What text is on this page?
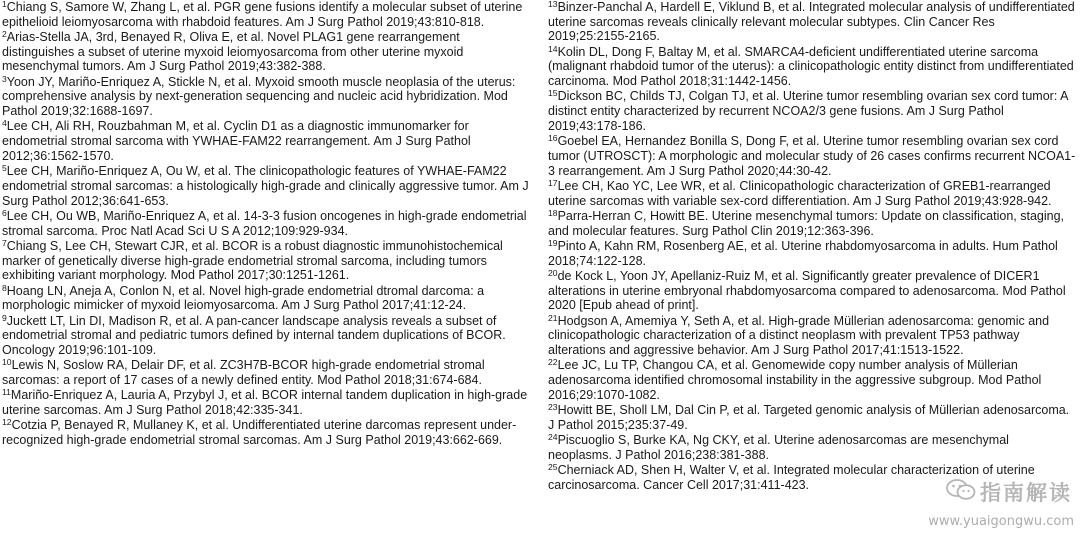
$^1$Chiang S, Samore W, Zhang L, et al. PGR gene fusions identify a molecular subset of uterine epithelioid leiomyosarcoma with rhabdoid features. Am J Surg Pathol 2019;43:810-818.

$^2$Arias-Stella JA, 3rd, Benayed R, Oliva E, et al. Novel PLAG1 gene rearrangement distinguishes a subset of uterine myxoid leiomyosarcoma from other uterine myxoid mesenchymal tumors. Am J Surg Pathol 2019;43:382-388.

$^3$Yoon JY, Mariño-Enriquez A, Stickle N, et al. Myxoid smooth muscle neoplasia of the uterus: comprehensive analysis by next-generation sequencing and nucleic acid hybridization. Mod Pathol 2019;32:1688-1697.

$^4$Lee CH, Ali RH, Rouzbahman M, et al. Cyclin D1 as a diagnostic immunomarker for endometrial stromal sarcoma with YWHAE-FAM22 rearrangement. Am J Surg Pathol 2012;36:1562-1570.

$^5$Lee CH, Mariño-Enriquez A, Ou W, et al. The clinicopathologic features of YWHAE-FAM22 endometrial stromal sarcomas: a histologically high-grade and clinically aggressive tumor. Am J Surg Pathol 2012;36:641-653.

$^6$Lee CH, Ou WB, Mariño-Enriquez A, et al. 14-3-3 fusion oncogenes in high-grade endometrial stromal sarcoma. Proc Natl Acad Sci U S A 2012;109:929-934.

$^7$Chiang S, Lee CH, Stewart CJR, et al. BCOR is a robust diagnostic immunohistochemical marker of genetically diverse high-grade endometrial stromal sarcoma, including tumors exhibiting variant morphology. Mod Pathol 2017;30:1251-1261.

$^8$Hoang LN, Aneja A, Conlon N, et al. Novel high-grade endometrial dtromal darcoma: a morphologic mimicker of myxoid leiomyosarcoma. Am J Surg Pathol 2017;41:12-24.

$^9$Juckett LT, Lin DI, Madison R, et al. A pan-cancer landscape analysis reveals a subset of endometrial stromal and pediatric tumors defined by internal tandem duplications of BCOR. Oncology 2019;96:101-109.

$^{10}$Lewis N, Soslow RA, Delair DF, et al. ZC3H7B-BCOR high-grade endometrial stromal sarcomas: a report of 17 cases of a newly defined entity. Mod Pathol 2018;31:674-684.

$^{11}$Mariño-Enriquez A, Lauria A, Przybyl J, et al. BCOR internal tandem duplication in high-grade uterine sarcomas. Am J Surg Pathol 2018;42:335-341.

$^{12}$Cotzia P, Benayed R, Mullaney K, et al. Undifferentiated uterine darcomas represent under-recognized high-grade endometrial stromal sarcomas. Am J Surg Pathol 2019;43:662-669.

$^{13}$Binzer-Panchal A, Hardell E, Viklund B, et al. Integrated molecular analysis of undifferentiated uterine sarcomas reveals clinically relevant molecular subtypes. Clin Cancer Res 2019;25:2155-2165.

$^{14}$Kolin DL, Dong F, Baltay M, et al. SMARCA4-deficient undifferentiated uterine sarcoma (malignant rhabdoid tumor of the uterus): a clinicopathologic entity distinct from undifferentiated carcinoma. Mod Pathol 2018;31:1442-1456.

$^{15}$Dickson BC, Childs TJ, Colgan TJ, et al. Uterine tumor resembling ovarian sex cord tumor: A distinct entity characterized by recurrent NCOA2/3 gene fusions. Am J Surg Pathol 2019;43:178-186.

$^{16}$Goebel EA, Hernandez Bonilla S, Dong F, et al. Uterine tumor resembling ovarian sex cord tumor (UTROSCT): A morphologic and molecular study of 26 cases confirms recurrent NCOA1-3 rearrangement. Am J Surg Pathol 2020;44:30-42.

$^{17}$Lee CH, Kao YC, Lee WR, et al. Clinicopathologic characterization of GREB1-rearranged uterine sarcomas with variable sex-cord differentiation. Am J Surg Pathol 2019;43:928-942.

$^{18}$Parra-Herran C, Howitt BE. Uterine mesenchymal tumors: Update on classification, staging, and molecular features. Surg Pathol Clin 2019;12:363-396.

$^{19}$Pinto A, Kahn RM, Rosenberg AE, et al. Uterine rhabdomyosarcoma in adults. Hum Pathol 2018;74:122-128.

$^{20}$de Kock L, Yoon JY, Apellaniz-Ruiz M, et al. Significantly greater prevalence of DICER1 alterations in uterine embryonal rhabdomyosarcoma compared to adenosarcoma. Mod Pathol 2020 [Epub ahead of print].

$^{21}$Hodgson A, Amemiya Y, Seth A, et al. High-grade Müllerian adenosarcoma: genomic and clinicopathologic characterization of a distinct neoplasm with prevalent TP53 pathway alterations and aggressive behavior. Am J Surg Pathol 2017;41:1513-1522.

$^{22}$Lee JC, Lu TP, Changou CA, et al. Genomewide copy number analysis of Müllerian adenosarcoma identified chromosomal instability in the aggressive subgroup. Mod Pathol 2016;29:1070-1082.

$^{23}$Howitt BE, Sholl LM, Dal Cin P, et al. Targeted genomic analysis of Müllerian adenosarcoma. J Pathol 2015;235:37-49.

$^{24}$Piscuoglio S, Burke KA, Ng CKY, et al. Uterine adenosarcomas are mesenchymal neoplasms. J Pathol 2016;238:381-388.

$^{25}$Cherniack AD, Shen H, Walter V, et al. Integrated molecular characterization of uterine carcinosarcoma. Cancer Cell 2017;31:411-423.	指南解读
www.yuaigongwu.com
